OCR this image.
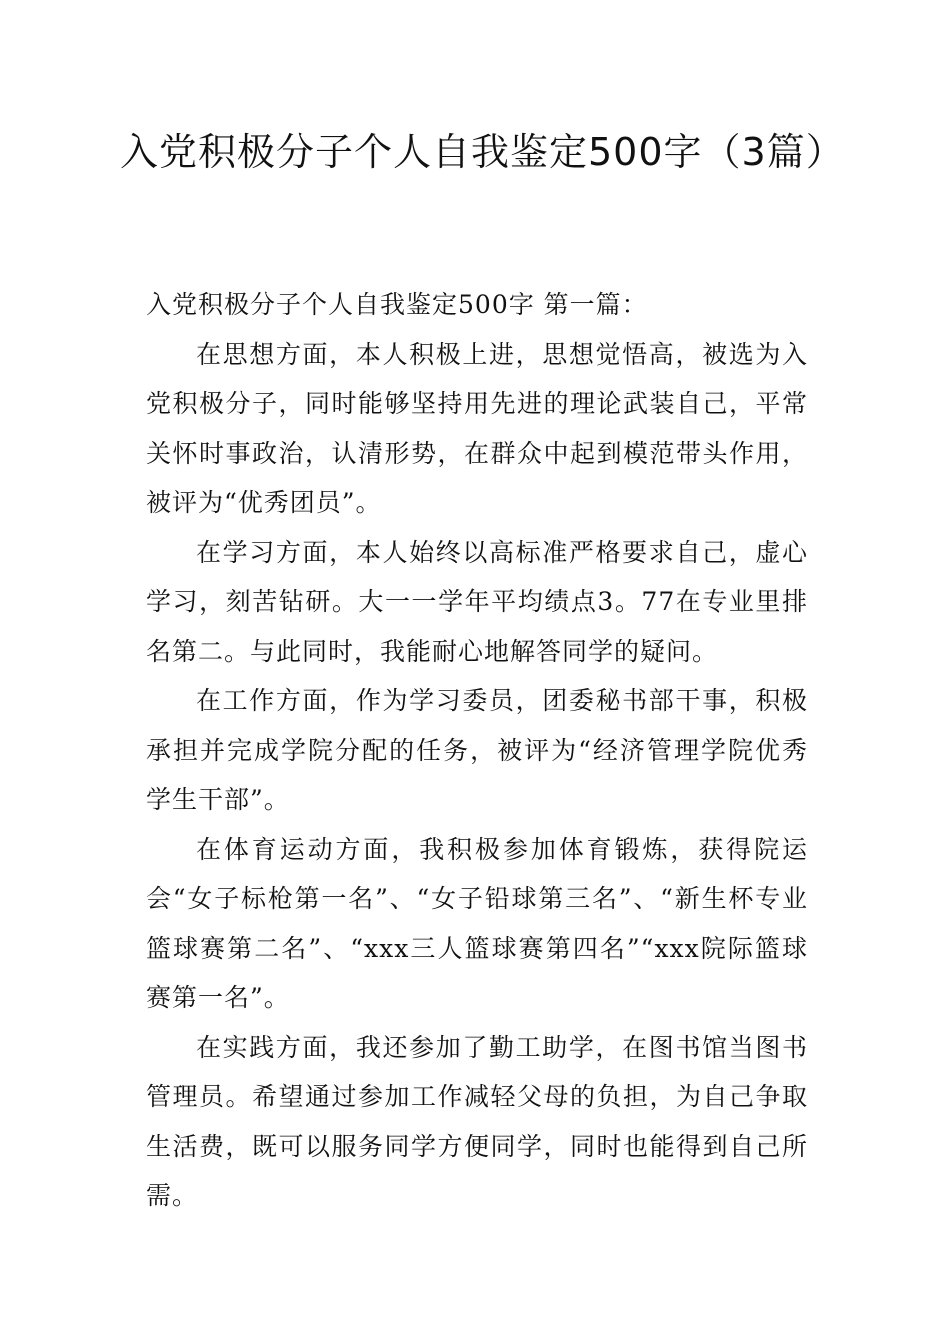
入党积极分子个人自我鉴定500字（3篇）

入党积极分子个人自我鉴定500字 第一篇：

在思想方面，本人积极上进，思想觉悟高，被选为入党积极分子，同时能够坚持用先进的理论武装自己，平常关怀时事政治，认清形势，在群众中起到模范带头作用，被评为“优秀团员”。

在学习方面，本人始终以高标准严格要求自己，虚心学习，刻苦钻研。大一一学年平均绩点3。77在专业里排名第二。与此同时，我能耐心地解答同学的疑问。

在工作方面，作为学习委员，团委秘书部干事，积极承担并完成学院分配的任务，被评为“经济管理学院优秀学生干部”。

在体育运动方面，我积极参加体育锻炼，获得院运会“女子标枪第一名”、“女子铅球第三名”、“新生杯专业篮球赛第二名”、“xxx三人篮球赛第四名”“xxx院际篮球赛第一名”。

在实践方面，我还参加了勤工助学，在图书馆当图书管理员。希望通过参加工作减轻父母的负担，为自己争取生活费，既可以服务同学方便同学，同时也能得到自己所需。
